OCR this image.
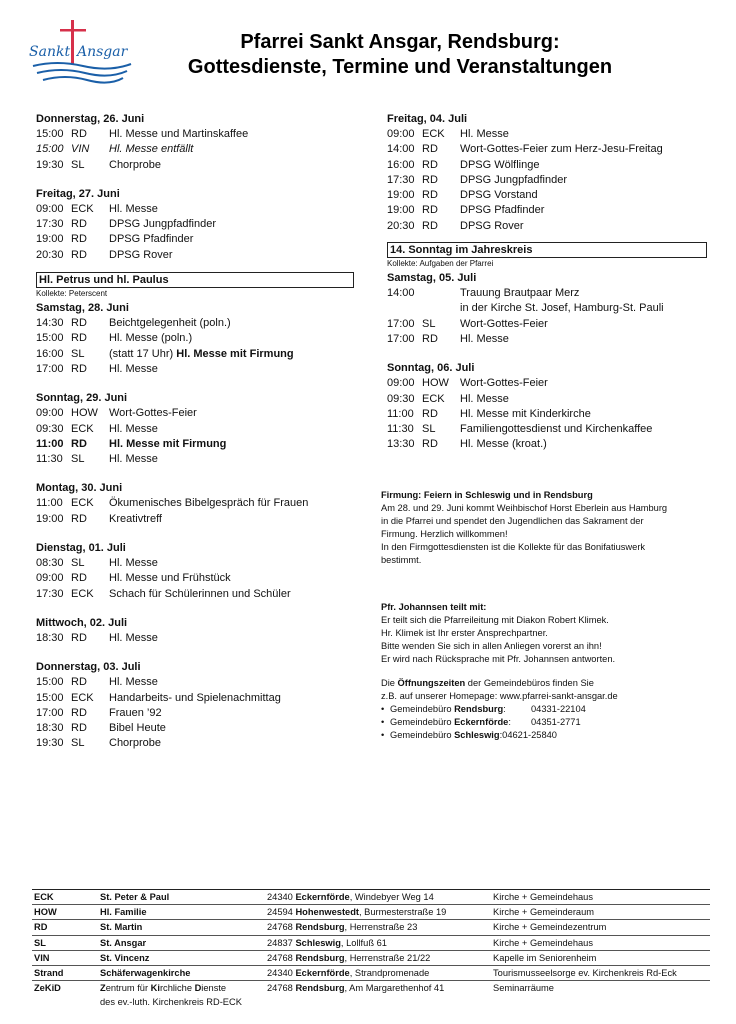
Sankt Ansgar	Pfarrei Sankt Ansgar, Rendsburg:
Gottesdienste, Termine und Veranstaltungen
Donnerstag, 26. Juni
15:00 RD	Hl. Messe und Martinskaffee
15:00 VIN	Hl. Messe entfällt
19:30 SL	Chorprobe
Freitag, 27. Juni
09:00 ECK	Hl. Messe
17:30 RD	DPSG Jungpfadfinder
19:00 RD	DPSG Pfadfinder
20:30 RD	DPSG Rover
Hl. Petrus und hl. Paulus
Kollekte: Peterscent
Samstag, 28. Juni
14:30 RD	Beichtgelegenheit (poln.)
15:00 RD	Hl. Messe (poln.)
16:00 SL	(statt 17 Uhr) Hl. Messe mit Firmung
17:00 RD	Hl. Messe
Sonntag, 29. Juni
09:00 HOW	Wort-Gottes-Feier
09:30 ECK	Hl. Messe
11:00 RD	Hl. Messe mit Firmung
11:30 SL	Hl. Messe
Montag, 30. Juni
11:00 ECK	Ökumenisches Bibelgespräch für Frauen
19:00 RD	Kreativtreff
Dienstag, 01. Juli
08:30 SL	Hl. Messe
09:00 RD	Hl. Messe und Frühstück
17:30 ECK	Schach für Schülerinnen und Schüler
Mittwoch, 02. Juli
18:30 RD	Hl. Messe
Donnerstag, 03. Juli
15:00 RD	Hl. Messe
15:00 ECK	Handarbeits- und Spielenachmittag
17:00 RD	Frauen ’92
18:30 RD	Bibel Heute
19:30 SL	Chorprobe
Freitag, 04. Juli
09:00 ECK	Hl. Messe
14:00 RD	Wort-Gottes-Feier zum Herz-Jesu-Freitag
16:00 RD	DPSG Wölflinge
17:30 RD	DPSG Jungpfadfinder
19:00 RD	DPSG Vorstand
19:00 RD	DPSG Pfadfinder
20:30 RD	DPSG Rover
14. Sonntag im Jahreskreis
Kollekte: Aufgaben der Pfarrei
Samstag, 05. Juli
14:00	Trauung Brautpaar Merz
in der Kirche St. Josef, Hamburg-St. Pauli
17:00 SL	Wort-Gottes-Feier
17:00 RD	Hl. Messe
Sonntag, 06. Juli
09:00 HOW	Wort-Gottes-Feier
09:30 ECK	Hl. Messe
11:00 RD	Hl. Messe mit Kinderkirche
11:30 SL	Familiengottesdienst und Kirchenkaffee
13:30 RD	Hl. Messe (kroat.)
Firmung: Feiern in Schleswig und in Rendsburg
Am 28. und 29. Juni kommt Weihbischof Horst Eberlein aus Hamburg
in die Pfarrei und spendet den Jugendlichen das Sakrament der
Firmung. Herzlich willkommen!
In den Firmgottesdiensten ist die Kollekte für das Bonifatiuswerk
bestimmt.
Pfr. Johannsen teilt mit:
Er teilt sich die Pfarreileitung mit Diakon Robert Klimek.
Hr. Klimek ist Ihr erster Ansprechpartner.
Bitte wenden Sie sich in allen Anliegen vorerst an ihn!
Er wird nach Rücksprache mit Pfr. Johannsen antworten.
Die Öffnungszeiten der Gemeindebüros finden Sie
z.B. auf unserer Homepage: www.pfarrei-sankt-ansgar.de
• Gemeindebüro Rendsburg:	04331-22104
• Gemeindebüro Eckernförde:	04351-2771
• Gemeindebüro Schleswig: 04621-25840
ECK	St. Peter & Paul	24340 Eckernförde, Windebyer Weg 14	Kirche + Gemeindehaus
HOW	Hl. Familie	24594 Hohenwestedt, Burmesterstraße 19	Kirche + Gemeinderaum
RD	St. Martin	24768 Rendsburg, Herrenstraße 23	Kirche + Gemeindezentrum
SL	St. Ansgar	24837 Schleswig, Lollfuß 61	Kirche + Gemeindehaus
VIN	St. Vincenz	24768 Rendsburg, Herrenstraße 21/22	Kapelle im Seniorenheim
Strand	Schäferwagenkirche	24340 Eckernförde, Strandpromenade	Tourismusseelsorge ev. Kirchenkreis Rd-Eck
ZeKiD	Zentrum für Kirchliche Dienste
des ev.-luth. Kirchenkreis RD-ECK	24768 Rendsburg, Am Margarethenhof 41	Seminarräume
